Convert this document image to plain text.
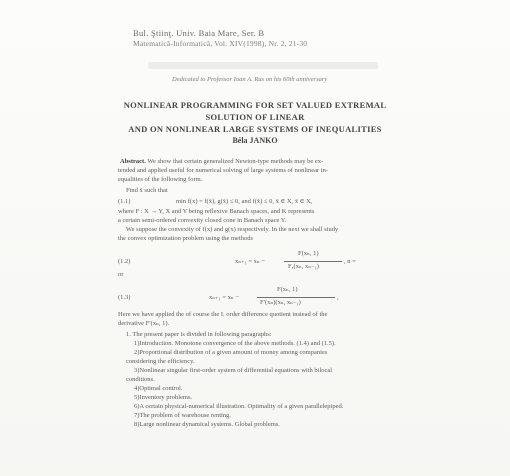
Bul. Ştiinţ. Univ. Baia Mare, Ser. B
Matematică-Informatică, Vol. XIV(1998), Nr. 2, 21-30
Dedicated to Professor Ioan A. Rus on his 60th anniversary
NONLINEAR PROGRAMMING FOR SET VALUED EXTREMAL
SOLUTION OF LINEAR
AND ON NONLINEAR LARGE SYSTEMS OF INEQUALITIES
Béla JANKO
Abstract. We show that certain generalized Newton-type methods may be ex-
tended and applied useful for numerical solving of large systems of nonlinear in-
equalities of the following form.
Find x̄ such that
(1.1)	min f(x) = f(x̄), g(x̄) ≤ 0, and f(x̄) ≤ 0, x̄ ∈ X, x̄ ∈ X,
where F : X → Y, X and Y being reflexive Banach spaces, and K represents
a certain semi-ordered convexity closed cone in Banach space Y.
We suppose the convexity of f(x) and g(x) respectively. In the next we shall study
the convex optimization problem using the methods
(1.2)	xₙ₊₁ = xₙ −
F(xₙ, 1)
Fₓ(xₙ, xₙ₋₁)
, n =
or
(1.3)	xₙ₊₁ = xₙ −
F(xₙ, 1)
F′(xₙ)(xₙ, xₙ₋₁)
,
Here we have applied the of course the I. order difference quotient instead of the
derivative F′(xₙ, 1).
1. The present paper is divided in following paragraphs:
1)Introduction. Monotone convergence of the above methods. (1.4) and (1.5).
2)Proportional distribution of a given amount of money among companies
considering the efficiency.
3)Nonlinear singular first-order system of differential equations with bilocal
conditions.
4)Optimal control.
5)Inventory problems.
6)A certain physical-numerical illustration. Optimality of a given parallelepiped.
7)The problem of warehouse renting.
8)Large nonlinear dynamical systems. Global problems.
